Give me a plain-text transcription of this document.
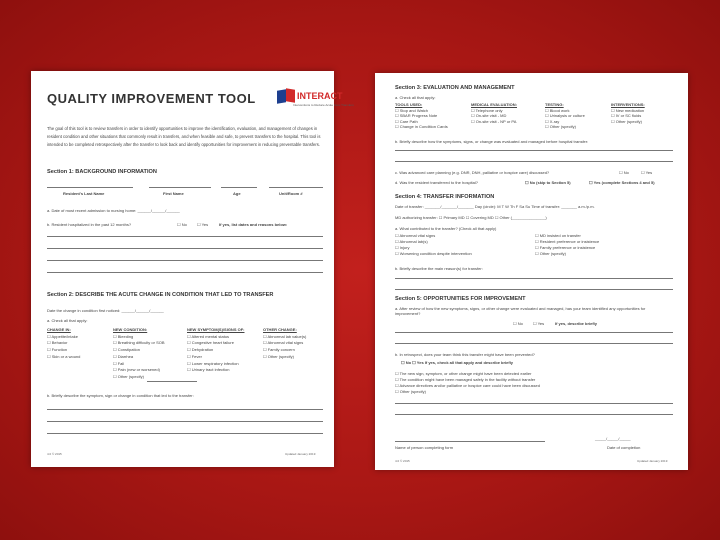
QUALITY IMPROVEMENT TOOL	INTERACT
Interventions to Reduce Acute Care Transfers
The goal of this tool is to review transfers in order to identify opportunities to improve the identification, evaluation, and management of changes in resident condition and other situations that commonly result in transfers, and when feasible and safe, to prevent transfers to the hospital. This tool is intended to be completed retrospectively after the transfer to look back and identify opportunities for improvement in reducing preventable transfers.
Section 1: BACKGROUND INFORMATION
Resident's Last Name	First Name	Age	Unit/Room #
a. Date of most recent admission to nursing home: ______/______/______
b. Resident hospitalized in the past 12 months?	☐ No	☐ Yes	If yes, list dates and reasons below:
Section 2: DESCRIBE THE ACUTE CHANGE IN CONDITION THAT LED TO TRANSFER
Date the change in condition first noticed: ______/______/______
a. Check all that apply:
CHANGE IN:
☐ Appetite/intake
☐ Behavior
☐ Function
☐ Skin or a wound
NEW CONDITION:
☐ Bleeding
☐ Breathing difficulty or SOB
☐ Constipation
☐ Diarrhea
☐ Fall
☐ Pain (new or worsened)
☐ Other (specify)
NEW SYMPTOM(S)/SIGNS OF:
☐ Altered mental status
☐ Congestive heart failure
☐ Dehydration
☐ Fever
☐ Lower respiratory infection
☐ Urinary tract infection
OTHER CHANGE:
☐ Abnormal lab value(s)
☐ Abnormal vital signs
☐ Family concern
☐ Other (specify)
b. Briefly describe the symptom, sign or change in condition that led to the transfer:
4.0 © 2015	Updated January 2019
Section 3: EVALUATION AND MANAGEMENT
a. Check all that apply:
TOOLS USED:
☐ Stop and Watch
☐ SBAR Progress Note
☐ Care Path
☐ Change in Condition Cards
MEDICAL EVALUATION:
☐ Telephone only
☐ On-site visit - MD
☐ On-site visit - NP or PA
TESTING:
☐ Blood work
☐ Urinalysis or culture
☐ X-ray
☐ Other (specify)
INTERVENTIONS:
☐ New medication
☐ IV or SC fluids
☐ Other (specify)
b. Briefly describe how the symptoms, signs, or change was evaluated and managed before hospital transfer:
c. Was advanced care planning (e.g. DNR, DNH, palliative or hospice care) discussed?	☐ No	☐ Yes
d. Was the resident transferred to the hospital?	☐ No (skip to Section 5)	☐ Yes (complete Sections 4 and 5)
Section 4: TRANSFER INFORMATION
Date of transfer: _______/_______/_______ Day (circle): M T W Th F Sa Su Time of transfer: _______ a.m./p.m.
MD authorizing transfer: ☐ Primary MD ☐ Covering MD ☐ Other (_______________)
a. What contributed to the transfer? (Check all that apply)
☐ Abnormal vital signs
☐ Abnormal lab(s)
☐ Injury
☐ Worsening condition despite intervention
☐ MD insisted on transfer
☐ Resident preference or insistence
☐ Family preference or insistence
☐ Other (specify)
b. Briefly describe the main reason(s) for transfer:
Section 5: OPPORTUNITIES FOR IMPROVEMENT
a. After review of how the new symptoms, signs, or other change were evaluated and managed, has your team identified any opportunities for improvement?
☐ No	☐ Yes	If yes, describe briefly
b. In retrospect, does your team think this transfer might have been prevented?
☐ No ☐ Yes If yes, check all that apply and describe briefly
☐ The new sign, symptom, or other change might have been detected earlier
☐ The condition might have been managed safely in the facility without transfer
☐ Advance directives and/or palliative or hospice care could have been discussed
☐ Other (specify)
_____/_____/_____
Name of person completing form	Date of completion
4.0 © 2015	Updated January 2019
